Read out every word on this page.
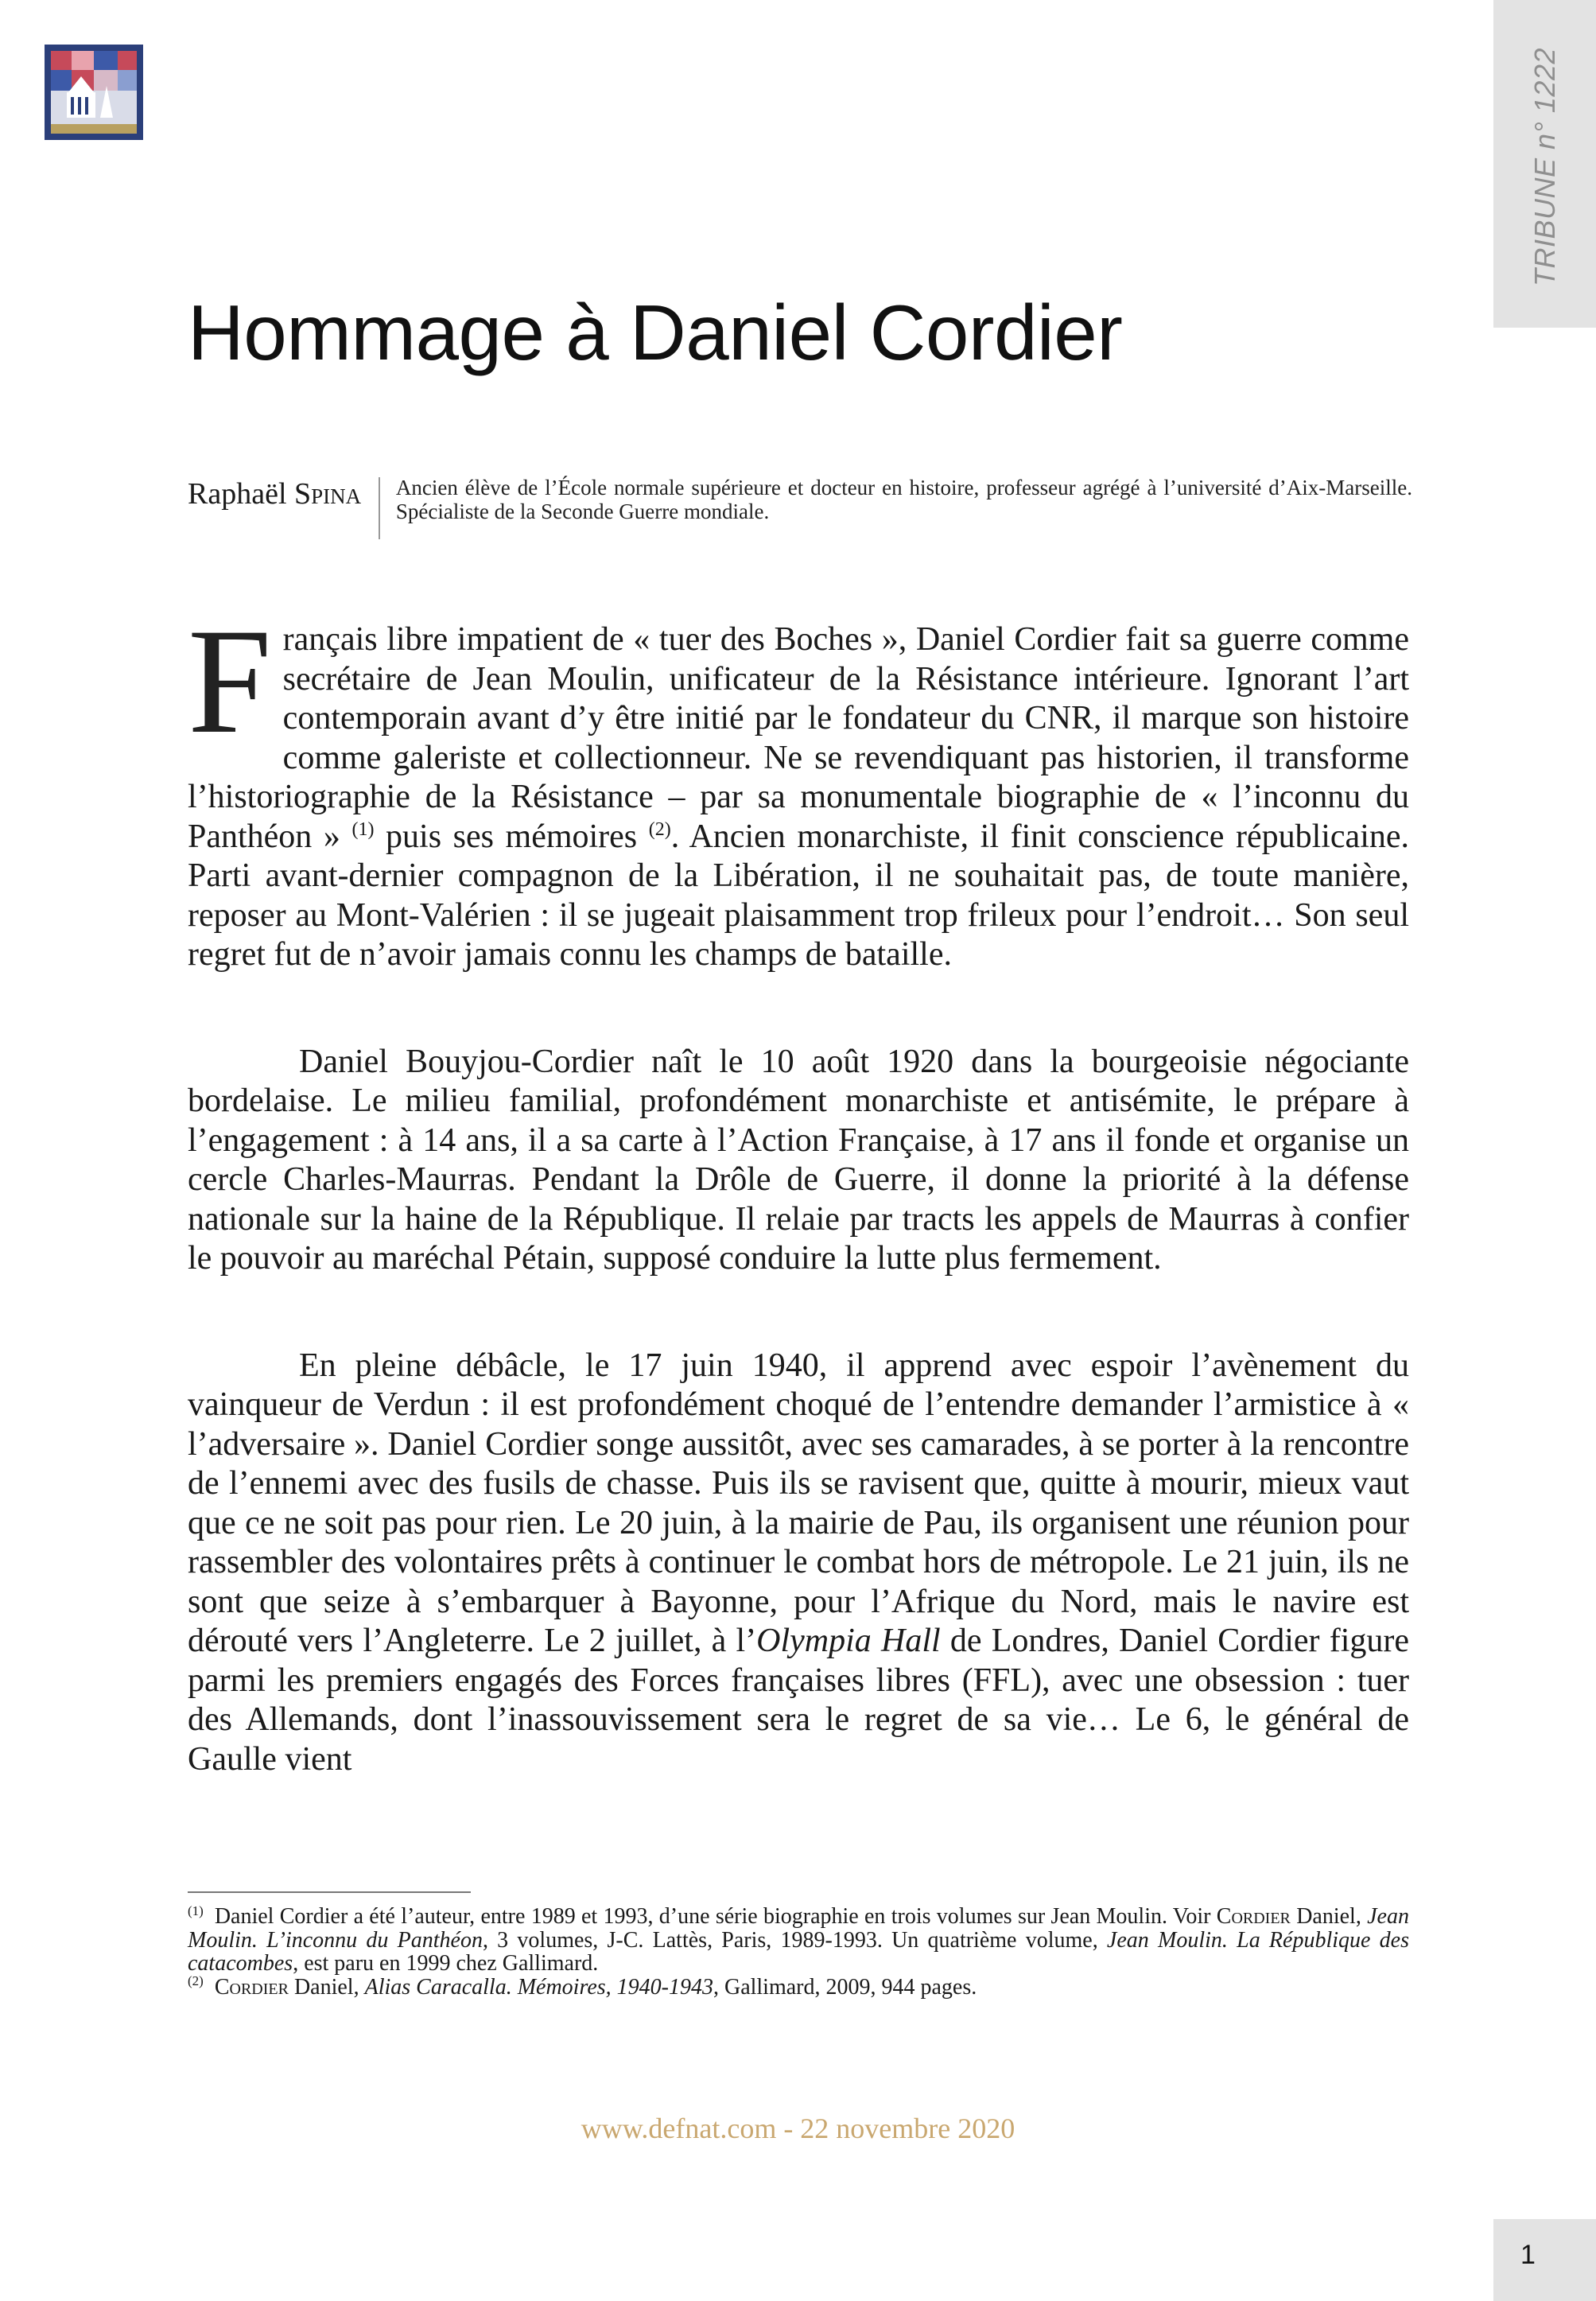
TRIBUNE n° 1222
Hommage à Daniel Cordier
Raphaël Spina	Ancien élève de l’École normale supérieure et docteur en histoire, professeur agrégé à l’université d’Aix-Marseille. Spécialiste de la Seconde Guerre mondiale.

Français libre impatient de « tuer des Boches », Daniel Cordier fait sa guerre comme secrétaire de Jean Moulin, unificateur de la Résistance intérieure. Ignorant l’art contemporain avant d’y être initié par le fondateur du CNR, il marque son histoire comme galeriste et collectionneur. Ne se revendiquant pas historien, il transforme l’historiographie de la Résistance – par sa monumentale biographie de « l’inconnu du Panthéon » $^{(1)}$ puis ses mémoires $^{(2)}$. Ancien monarchiste, il finit conscience républicaine. Parti avant-dernier compagnon de la Libération, il ne souhaitait pas, de toute manière, reposer au Mont-Valérien : il se jugeait plaisamment trop frileux pour l’endroit… Son seul regret fut de n’avoir jamais connu les champs de bataille.

Daniel Bouyjou-Cordier naît le 10 août 1920 dans la bourgeoisie négociante bordelaise. Le milieu familial, profondément monarchiste et antisémite, le prépare à l’engagement : à 14 ans, il a sa carte à l’Action Française, à 17 ans il fonde et organise un cercle Charles-Maurras. Pendant la Drôle de Guerre, il donne la priorité à la défense nationale sur la haine de la République. Il relaie par tracts les appels de Maurras à confier le pouvoir au maréchal Pétain, supposé conduire la lutte plus fermement.

En pleine débâcle, le 17 juin 1940, il apprend avec espoir l’avènement du vainqueur de Verdun : il est profondément choqué de l’entendre demander l’armistice à « l’adversaire ». Daniel Cordier songe aussitôt, avec ses camarades, à se porter à la rencontre de l’ennemi avec des fusils de chasse. Puis ils se ravisent que, quitte à mourir, mieux vaut que ce ne soit pas pour rien. Le 20 juin, à la mairie de Pau, ils organisent une réunion pour rassembler des volontaires prêts à continuer le combat hors de métropole. Le 21 juin, ils ne sont que seize à s’embarquer à Bayonne, pour l’Afrique du Nord, mais le navire est dérouté vers l’Angleterre. Le 2 juillet, à l’Olympia Hall de Londres, Daniel Cordier figure parmi les premiers engagés des Forces françaises libres (FFL), avec une obsession : tuer des Allemands, dont l’inassouvissement sera le regret de sa vie… Le 6, le général de Gaulle vient

$^{(1)}$ Daniel Cordier a été l’auteur, entre 1989 et 1993, d’une série biographie en trois volumes sur Jean Moulin. Voir Cordier Daniel, Jean Moulin. L’inconnu du Panthéon, 3 volumes, J-C. Lattès, Paris, 1989-1993. Un quatrième volume, Jean Moulin. La République des catacombes, est paru en 1999 chez Gallimard.

$^{(2)}$ Cordier Daniel, Alias Caracalla. Mémoires, 1940-1943, Gallimard, 2009, 944 pages.

www.defnat.com - 22 novembre 2020
1
